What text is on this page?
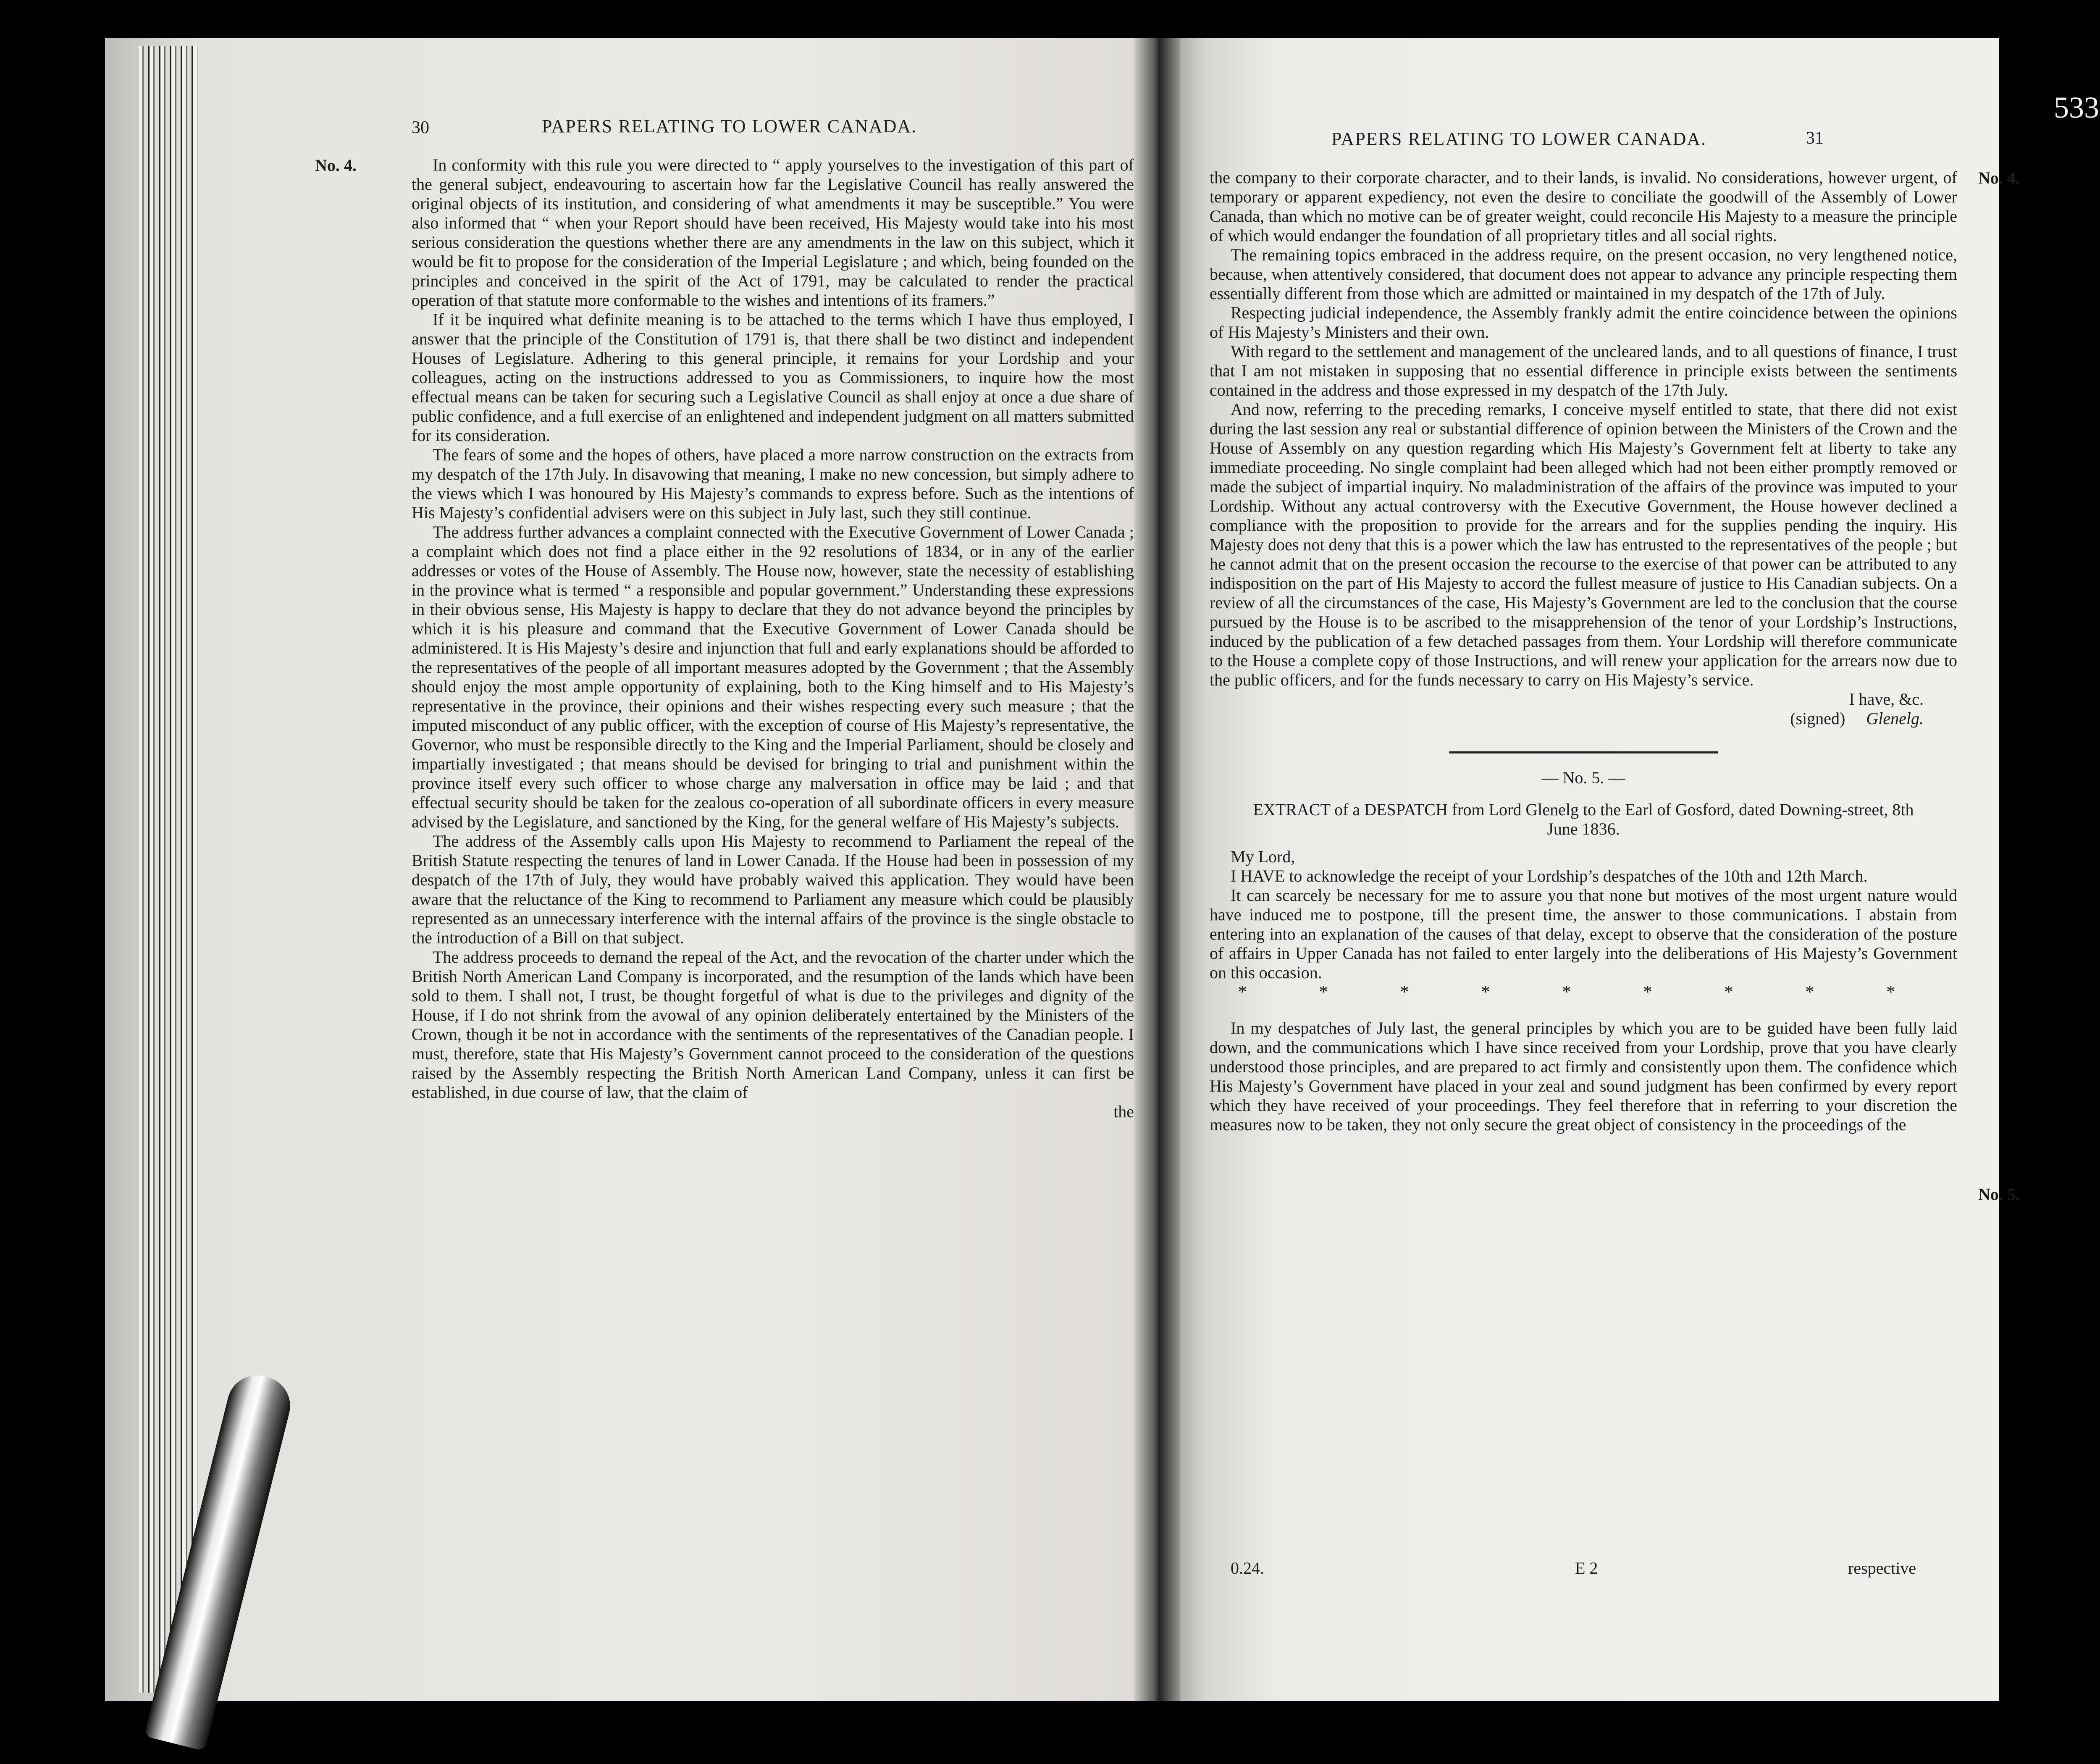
30	PAPERS RELATING TO LOWER CANADA.
No. 4.	In conformity with this rule you were directed to “ apply yourselves to the investigation of this part of the general subject, endeavouring to ascertain how far the Legislative Council has really answered the original objects of its institution, and considering of what amendments it may be susceptible.” You were also informed that “ when your Report should have been received, His Majesty would take into his most serious consideration the questions whether there are any amendments in the law on this subject, which it would be fit to propose for the consideration of the Imperial Legislature ; and which, being founded on the principles and conceived in the spirit of the Act of 1791, may be calculated to render the practical operation of that statute more conformable to the wishes and intentions of its framers.”

If it be inquired what definite meaning is to be attached to the terms which I have thus employed, I answer that the principle of the Constitution of 1791 is, that there shall be two distinct and independent Houses of Legislature. Adhering to this general principle, it remains for your Lordship and your colleagues, acting on the instructions addressed to you as Commissioners, to inquire how the most effectual means can be taken for securing such a Legislative Council as shall enjoy at once a due share of public confidence, and a full exercise of an enlightened and independent judgment on all matters submitted for its consideration.

The fears of some and the hopes of others, have placed a more narrow construction on the extracts from my despatch of the 17th July. In disavowing that meaning, I make no new concession, but simply adhere to the views which I was honoured by His Majesty’s commands to express before. Such as the intentions of His Majesty’s confidential advisers were on this subject in July last, such they still continue.

The address further advances a complaint connected with the Executive Government of Lower Canada ; a complaint which does not find a place either in the 92 resolutions of 1834, or in any of the earlier addresses or votes of the House of Assembly. The House now, however, state the necessity of establishing in the province what is termed “ a responsible and popular government.” Understanding these expressions in their obvious sense, His Majesty is happy to declare that they do not advance beyond the principles by which it is his pleasure and command that the Executive Government of Lower Canada should be administered. It is His Majesty’s desire and injunction that full and early explanations should be afforded to the representatives of the people of all important measures adopted by the Government ; that the Assembly should enjoy the most ample opportunity of explaining, both to the King himself and to His Majesty’s representative in the province, their opinions and their wishes respecting every such measure ; that the imputed misconduct of any public officer, with the exception of course of His Majesty’s representative, the Governor, who must be responsible directly to the King and the Imperial Parliament, should be closely and impartially investigated ; that means should be devised for bringing to trial and punishment within the province itself every such officer to whose charge any malversation in office may be laid ; and that effectual security should be taken for the zealous co-operation of all subordinate officers in every measure advised by the Legislature, and sanctioned by the King, for the general welfare of His Majesty’s subjects.

The address of the Assembly calls upon His Majesty to recommend to Parliament the repeal of the British Statute respecting the tenures of land in Lower Canada. If the House had been in possession of my despatch of the 17th of July, they would have probably waived this application. They would have been aware that the reluctance of the King to recommend to Parliament any measure which could be plausibly represented as an unnecessary interference with the internal affairs of the province is the single obstacle to the introduction of a Bill on that subject.

The address proceeds to demand the repeal of the Act, and the revocation of the charter under which the British North American Land Company is incorporated, and the resumption of the lands which have been sold to them. I shall not, I trust, be thought forgetful of what is due to the privileges and dignity of the House, if I do not shrink from the avowal of any opinion deliberately entertained by the Ministers of the Crown, though it be not in accordance with the sentiments of the representatives of the Canadian people. I must, therefore, state that His Majesty’s Government cannot proceed to the consideration of the questions raised by the Assembly respecting the British North American Land Company, unless it can first be established, in due course of law, that the claim of

the

PAPERS RELATING TO LOWER CANADA.	31
No. 4.

the company to their corporate character, and to their lands, is invalid. No considerations, however urgent, of temporary or apparent expediency, not even the desire to conciliate the goodwill of the Assembly of Lower Canada, than which no motive can be of greater weight, could reconcile His Majesty to a measure the principle of which would endanger the foundation of all proprietary titles and all social rights.

The remaining topics embraced in the address require, on the present occasion, no very lengthened notice, because, when attentively considered, that document does not appear to advance any principle respecting them essentially different from those which are admitted or maintained in my despatch of the 17th of July.

Respecting judicial independence, the Assembly frankly admit the entire coincidence between the opinions of His Majesty’s Ministers and their own.

With regard to the settlement and management of the uncleared lands, and to all questions of finance, I trust that I am not mistaken in supposing that no essential difference in principle exists between the sentiments contained in the address and those expressed in my despatch of the 17th July.

And now, referring to the preceding remarks, I conceive myself entitled to state, that there did not exist during the last session any real or substantial difference of opinion between the Ministers of the Crown and the House of Assembly on any question regarding which His Majesty’s Government felt at liberty to take any immediate proceeding. No single complaint had been alleged which had not been either promptly removed or made the subject of impartial inquiry. No maladministration of the affairs of the province was imputed to your Lordship. Without any actual controversy with the Executive Government, the House however declined a compliance with the proposition to provide for the arrears and for the supplies pending the inquiry. His Majesty does not deny that this is a power which the law has entrusted to the representatives of the people ; but he cannot admit that on the present occasion the recourse to the exercise of that power can be attributed to any indisposition on the part of His Majesty to accord the fullest measure of justice to His Canadian subjects. On a review of all the circumstances of the case, His Majesty’s Government are led to the conclusion that the course pursued by the House is to be ascribed to the misapprehension of the tenor of your Lordship’s Instructions, induced by the publication of a few detached passages from them. Your Lordship will therefore communicate to the House a complete copy of those Instructions, and will renew your application for the arrears now due to the public officers, and for the funds necessary to carry on His Majesty’s service.

I have, &c.

(signed) Glenelg.

— No. 5. —

EXTRACT of a DESPATCH from Lord Glenelg to the Earl of Gosford, dated Downing-street, 8th June 1836.

My Lord,

I HAVE to acknowledge the receipt of your Lordship’s despatches of the 10th and 12th March.

It can scarcely be necessary for me to assure you that none but motives of the most urgent nature would have induced me to postpone, till the present time, the answer to those communications. I abstain from entering into an explanation of the causes of that delay, except to observe that the consideration of the posture of affairs in Upper Canada has not failed to enter largely into the deliberations of His Majesty’s Government on this occasion.

* * * * * * * * *

In my despatches of July last, the general principles by which you are to be guided have been fully laid down, and the communications which I have since received from your Lordship, prove that you have clearly understood those principles, and are prepared to act firmly and consistently upon them. The confidence which His Majesty’s Government have placed in your zeal and sound judgment has been confirmed by every report which they have received of your proceedings. They feel therefore that in referring to your discretion the measures now to be taken, they not only secure the great object of consistency in the proceedings of the

No. 5.
0.24.	E 2	respective
533
